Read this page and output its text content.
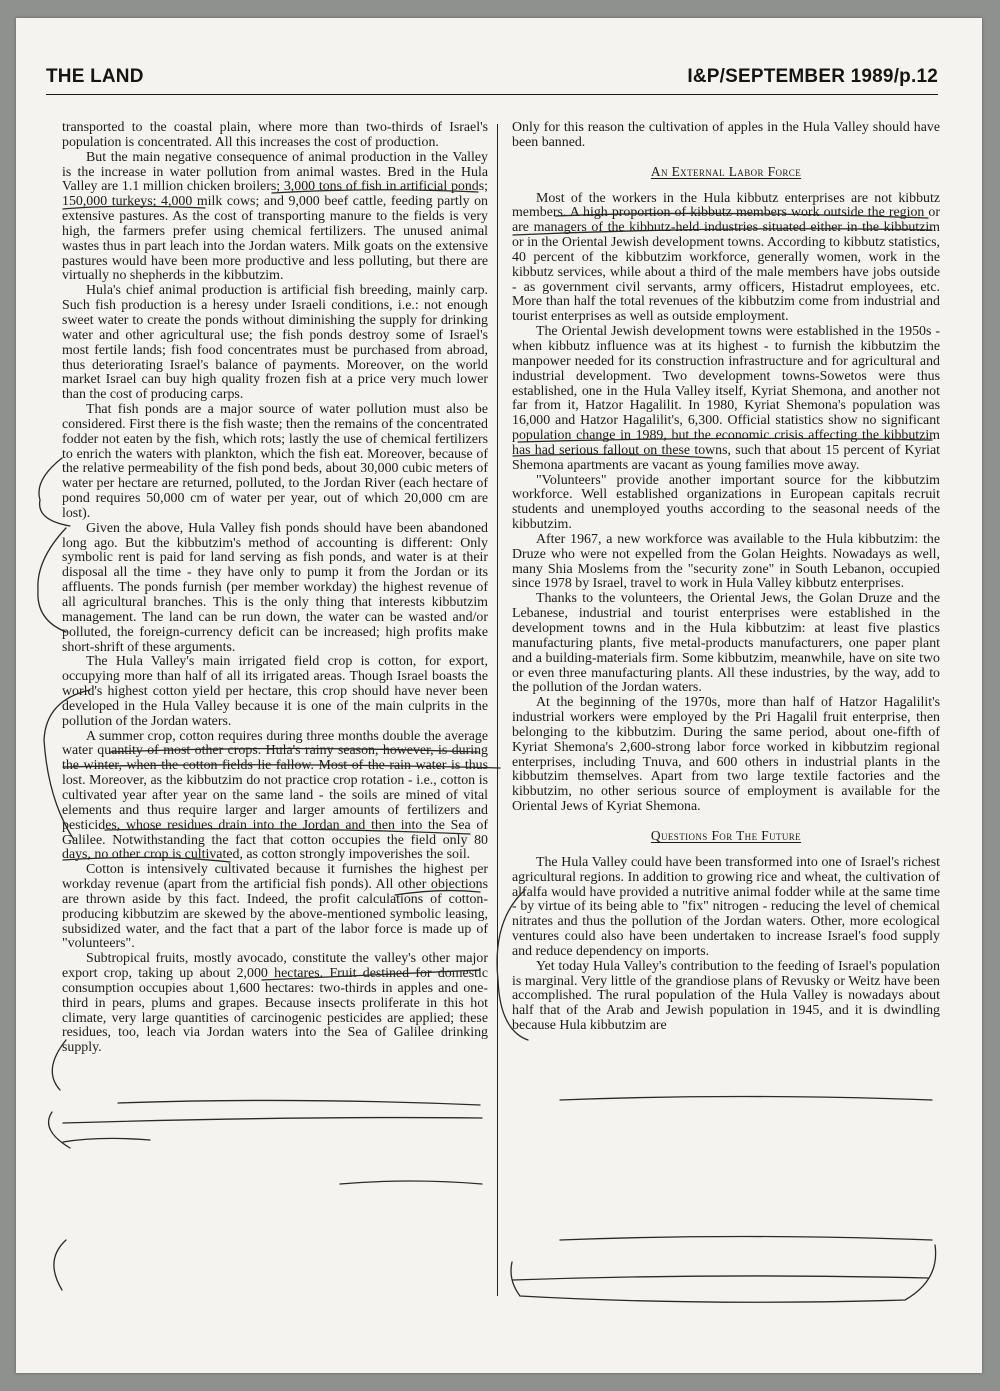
THE LAND	I&P/SEPTEMBER 1989/p.12

transported to the coastal plain, where more than two-thirds of Israel's population is concentrated. All this increases the cost of production.

But the main negative consequence of animal production in the Valley is the increase in water pollution from animal wastes. Bred in the Hula Valley are 1.1 million chicken broilers; 3,000 tons of fish in artificial ponds; 150,000 turkeys; 4,000 milk cows; and 9,000 beef cattle, feeding partly on extensive pastures. As the cost of transporting manure to the fields is very high, the farmers prefer using chemical fertilizers. The unused animal wastes thus in part leach into the Jordan waters. Milk goats on the extensive pastures would have been more productive and less polluting, but there are virtually no shepherds in the kibbutzim.

Hula's chief animal production is artificial fish breeding, mainly carp. Such fish production is a heresy under Israeli conditions, i.e.: not enough sweet water to create the ponds without diminishing the supply for drinking water and other agricultural use; the fish ponds destroy some of Israel's most fertile lands; fish food concentrates must be purchased from abroad, thus deteriorating Israel's balance of payments. Moreover, on the world market Israel can buy high quality frozen fish at a price very much lower than the cost of producing carps.

That fish ponds are a major source of water pollution must also be considered. First there is the fish waste; then the remains of the concentrated fodder not eaten by the fish, which rots; lastly the use of chemical fertilizers to enrich the waters with plankton, which the fish eat. Moreover, because of the relative permeability of the fish pond beds, about 30,000 cubic meters of water per hectare are returned, polluted, to the Jordan River (each hectare of pond requires 50,000 cm of water per year, out of which 20,000 cm are lost).

Given the above, Hula Valley fish ponds should have been abandoned long ago. But the kibbutzim's method of accounting is different: Only symbolic rent is paid for land serving as fish ponds, and water is at their disposal all the time - they have only to pump it from the Jordan or its affluents. The ponds furnish (per member workday) the highest revenue of all agricultural branches. This is the only thing that interests kibbutzim management. The land can be run down, the water can be wasted and/or polluted, the foreign-currency deficit can be increased; high profits make short-shrift of these arguments.

The Hula Valley's main irrigated field crop is cotton, for export, occupying more than half of all its irrigated areas. Though Israel boasts the world's highest cotton yield per hectare, this crop should have never been developed in the Hula Valley because it is one of the main culprits in the pollution of the Jordan waters.

A summer crop, cotton requires during three months double the average water quantity of most other crops. Hula's rainy season, however, is during the winter, when the cotton fields lie fallow. Most of the rain water is thus lost. Moreover, as the kibbutzim do not practice crop rotation - i.e., cotton is cultivated year after year on the same land - the soils are mined of vital elements and thus require larger and larger amounts of fertilizers and pesticides, whose residues drain into the Jordan and then into the Sea of Galilee. Notwithstanding the fact that cotton occupies the field only 80 days, no other crop is cultivated, as cotton strongly impoverishes the soil.

Cotton is intensively cultivated because it furnishes the highest per workday revenue (apart from the artificial fish ponds). All other objections are thrown aside by this fact. Indeed, the profit calculations of cotton-producing kibbutzim are skewed by the above-mentioned symbolic leasing, subsidized water, and the fact that a part of the labor force is made up of "volunteers".

Subtropical fruits, mostly avocado, constitute the valley's other major export crop, taking up about 2,000 hectares. Fruit destined for domestic consumption occupies about 1,600 hectares: two-thirds in apples and one-third in pears, plums and grapes. Because insects proliferate in this hot climate, very large quantities of carcinogenic pesticides are applied; these residues, too, leach via Jordan waters into the Sea of Galilee drinking supply.

Only for this reason the cultivation of apples in the Hula Valley should have been banned.

An External Labor Force

Most of the workers in the Hula kibbutz enterprises are not kibbutz members. A high proportion of kibbutz members work outside the region or are managers of the kibbutz-held industries situated either in the kibbutzim or in the Oriental Jewish development towns. According to kibbutz statistics, 40 percent of the kibbutzim workforce, generally women, work in the kibbutz services, while about a third of the male members have jobs outside - as government civil servants, army officers, Histadrut employees, etc. More than half the total revenues of the kibbutzim come from industrial and tourist enterprises as well as outside employment.

The Oriental Jewish development towns were established in the 1950s - when kibbutz influence was at its highest - to furnish the kibbutzim the manpower needed for its construction infrastructure and for agricultural and industrial development. Two development towns-Sowetos were thus established, one in the Hula Valley itself, Kyriat Shemona, and another not far from it, Hatzor Hagalilit. In 1980, Kyriat Shemona's population was 16,000 and Hatzor Hagalilit's, 6,300. Official statistics show no significant population change in 1989, but the economic crisis affecting the kibbutzim has had serious fallout on these towns, such that about 15 percent of Kyriat Shemona apartments are vacant as young families move away.

"Volunteers" provide another important source for the kibbutzim workforce. Well established organizations in European capitals recruit students and unemployed youths according to the seasonal needs of the kibbutzim.

After 1967, a new workforce was available to the Hula kibbutzim: the Druze who were not expelled from the Golan Heights. Nowadays as well, many Shia Moslems from the "security zone" in South Lebanon, occupied since 1978 by Israel, travel to work in Hula Valley kibbutz enterprises.

Thanks to the volunteers, the Oriental Jews, the Golan Druze and the Lebanese, industrial and tourist enterprises were established in the development towns and in the Hula kibbutzim: at least five plastics manufacturing plants, five metal-products manufacturers, one paper plant and a building-materials firm. Some kibbutzim, meanwhile, have on site two or even three manufacturing plants. All these industries, by the way, add to the pollution of the Jordan waters.

At the beginning of the 1970s, more than half of Hatzor Hagalilit's industrial workers were employed by the Pri Hagalil fruit enterprise, then belonging to the kibbutzim. During the same period, about one-fifth of Kyriat Shemona's 2,600-strong labor force worked in kibbutzim regional enterprises, including Tnuva, and 600 others in industrial plants in the kibbutzim themselves. Apart from two large textile factories and the kibbutzim, no other serious source of employment is available for the Oriental Jews of Kyriat Shemona.

Questions For The Future

The Hula Valley could have been transformed into one of Israel's richest agricultural regions. In addition to growing rice and wheat, the cultivation of alfalfa would have provided a nutritive animal fodder while at the same time - by virtue of its being able to "fix" nitrogen - reducing the level of chemical nitrates and thus the pollution of the Jordan waters. Other, more ecological ventures could also have been undertaken to increase Israel's food supply and reduce dependency on imports.

Yet today Hula Valley's contribution to the feeding of Israel's population is marginal. Very little of the grandiose plans of Revusky or Weitz have been accomplished. The rural population of the Hula Valley is nowadays about half that of the Arab and Jewish population in 1945, and it is dwindling because Hula kibbutzim are
